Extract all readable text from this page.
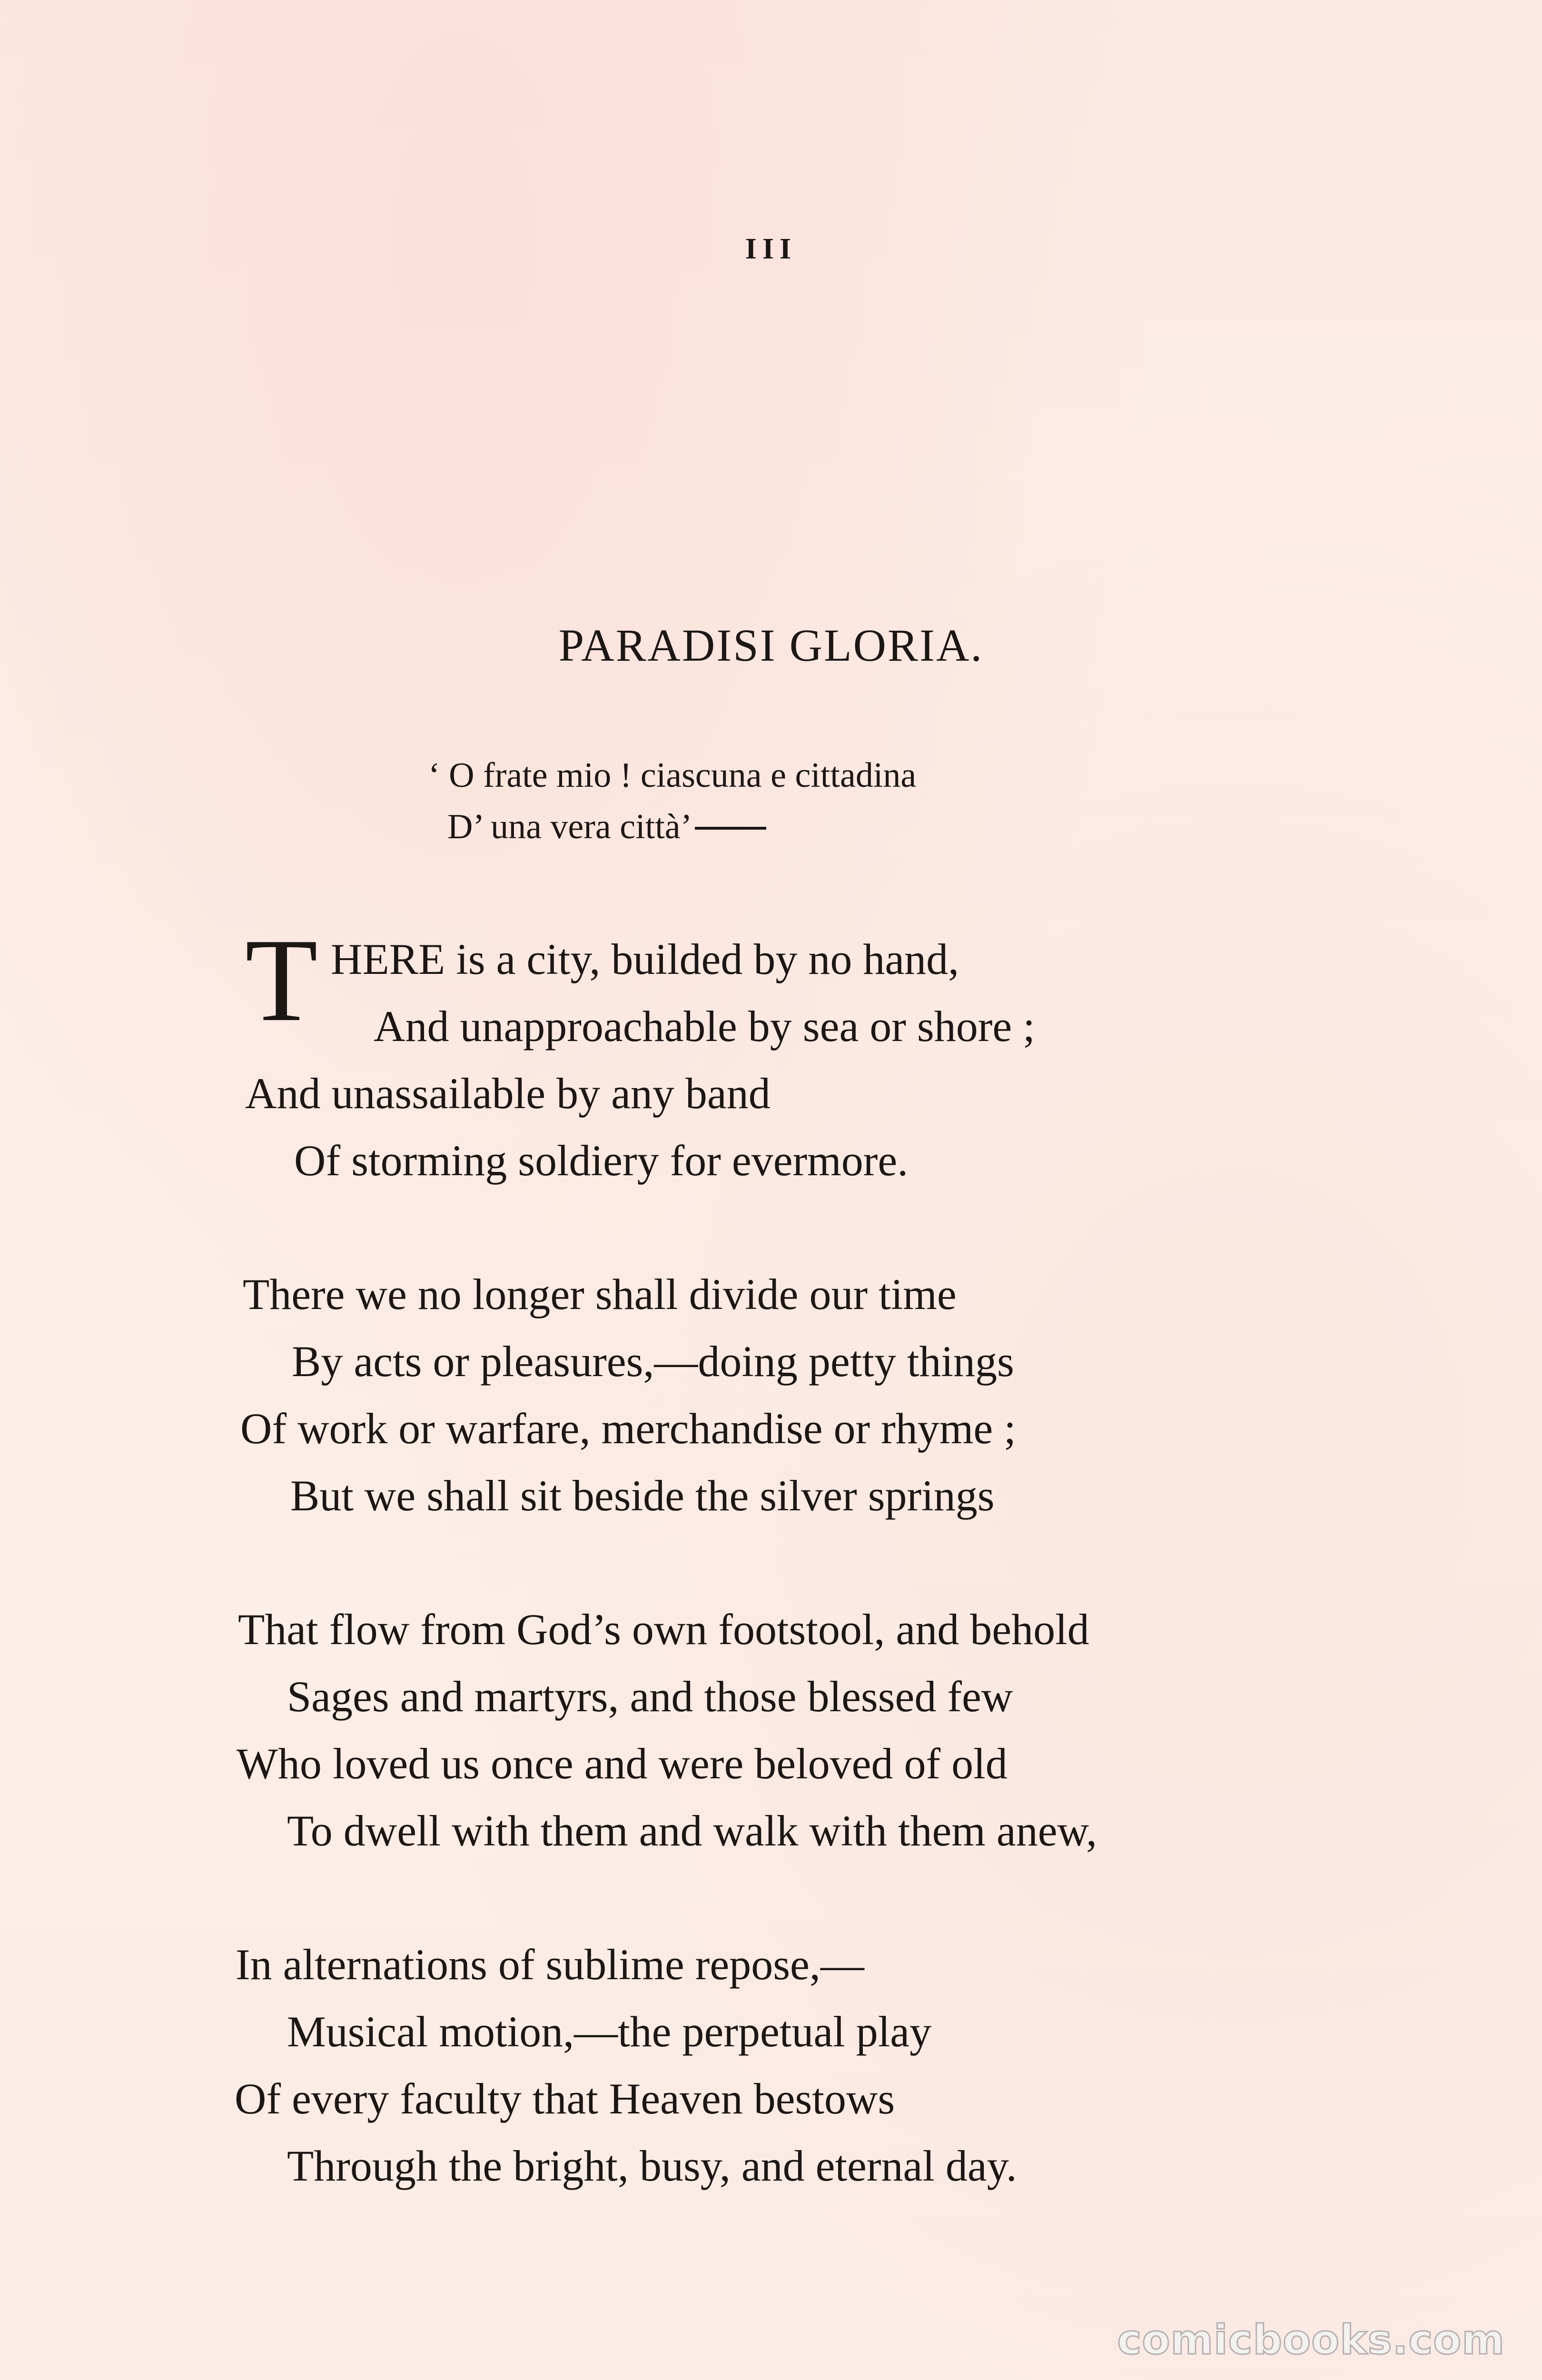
III
PARADISI GLORIA.
‘ O frate mio ! ciascuna e cittadina
D’ una vera città’
T HERE is a city, builded by no hand,
And unapproachable by sea or shore ;
And unassailable by any band
Of storming soldiery for evermore.
There we no longer shall divide our time
By acts or pleasures,—doing petty things
Of work or warfare, merchandise or rhyme ;
But we shall sit beside the silver springs
That flow from God’s own footstool, and behold
Sages and martyrs, and those blessed few
Who loved us once and were beloved of old
To dwell with them and walk with them anew,
In alternations of sublime repose,—
Musical motion,—the perpetual play
Of every faculty that Heaven bestows
Through the bright, busy, and eternal day.
comicbooks.com
